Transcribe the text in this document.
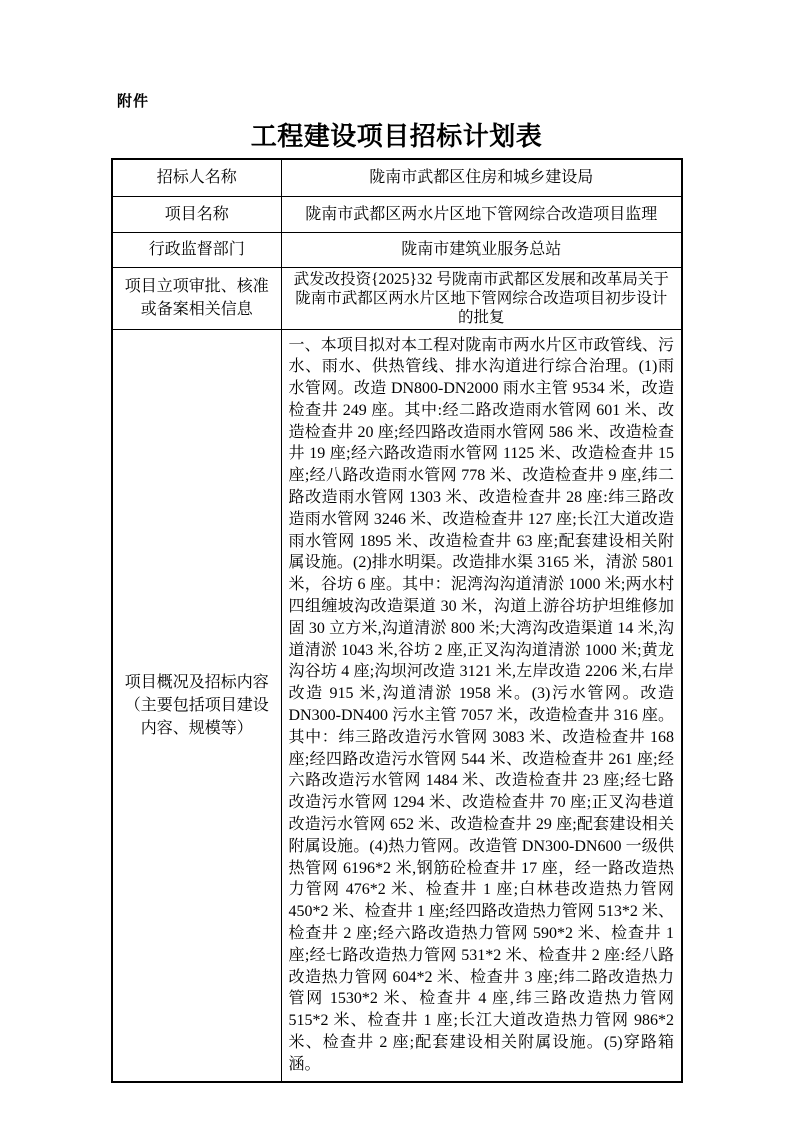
附件
工程建设项目招标计划表
招标人名称	陇南市武都区住房和城乡建设局
项目名称	陇南市武都区两水片区地下管网综合改造项目监理
行政监督部门	陇南市建筑业服务总站
项目立项审批、核准或备案相关信息	武发改投资{2025}32 号陇南市武都区发展和改革局关于陇南市武都区两水片区地下管网综合改造项目初步设计的批复
项目概况及招标内容（主要包括项目建设内容、规模等）	一、本项目拟对本工程对陇南市两水片区市政管线、污水、雨水、供热管线、排水沟道进行综合治理。(1)雨水管网。改造 DN800-DN2000 雨水主管 9534 米，改造检查井 249 座。其中:经二路改造雨水管网 601 米、改造检查井 20 座;经四路改造雨水管网 586 米、改造检查井 19 座;经六路改造雨水管网 1125 米、改造检查井 15 座;经八路改造雨水管网 778 米、改造检查井 9 座,纬二路改造雨水管网 1303 米、改造检查井 28 座:纬三路改造雨水管网 3246 米、改造检查井 127 座;长江大道改造雨水管网 1895 米、改造检查井 63 座;配套建设相关附属设施。(2)排水明渠。改造排水渠 3165 米，清淤 5801 米，谷坊 6 座。其中：泥湾沟沟道清淤 1000 米;两水村四组缠坡沟改造渠道 30 米，沟道上游谷坊护坦维修加固 30 立方米,沟道清淤 800 米;大湾沟改造渠道 14 米,沟道清淤 1043 米,谷坊 2 座,正叉沟沟道清淤 1000 米;黄龙沟谷坊 4 座;沟坝河改造 3121 米,左岸改造 2206 米,右岸改造 915 米,沟道清淤 1958 米。(3)污水管网。改造 DN300-DN400 污水主管 7057 米，改造检查井 316 座。其中：纬三路改造污水管网 3083 米、改造检查井 168 座;经四路改造污水管网 544 米、改造检查井 261 座;经六路改造污水管网 1484 米、改造检查井 23 座;经七路改造污水管网 1294 米、改造检查井 70 座;正叉沟巷道改造污水管网 652 米、改造检查井 29 座;配套建设相关附属设施。(4)热力管网。改造管 DN300-DN600 一级供热管网 6196*2 米,钢筋砼检查井 17 座，经一路改造热力管网 476*2 米、检查井 1 座;白林巷改造热力管网 450*2 米、检查井 1 座;经四路改造热力管网 513*2 米、检查井 2 座;经六路改造热力管网 590*2 米、检查井 1 座;经七路改造热力管网 531*2 米、检查井 2 座:经八路改造热力管网 604*2 米、检查井 3 座;纬二路改造热力管网 1530*2 米、检查井 4 座,纬三路改造热力管网 515*2 米、检查井 1 座;长江大道改造热力管网 986*2 米、检查井 2 座;配套建设相关附属设施。(5)穿路箱涵。
